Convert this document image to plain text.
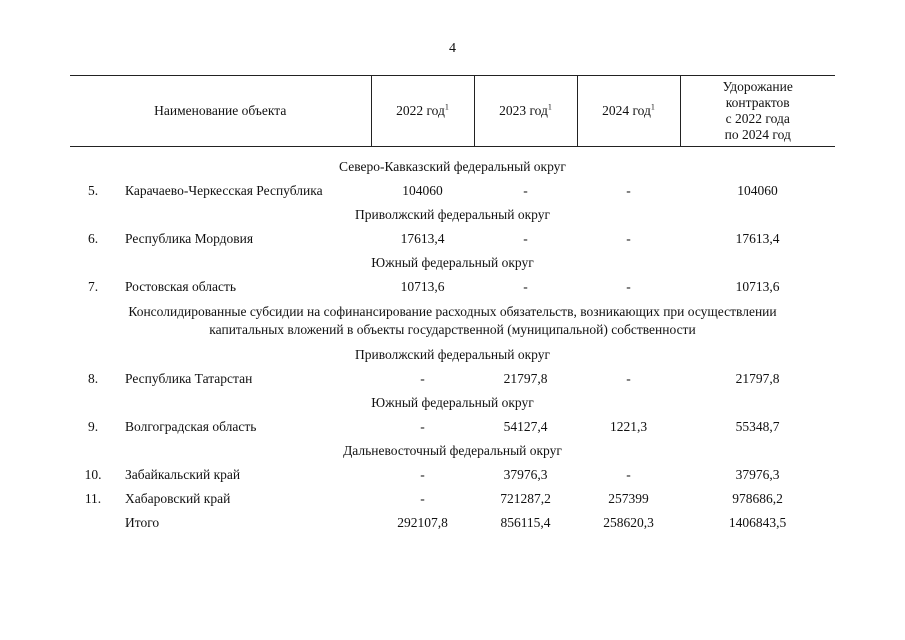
4
Наименование объекта		2022 год$^1$	2023 год$^1$	2024 год$^1$	Удорожание
контрактов
с 2022 года
по 2024 год

Северо-Кавказский федеральный округ					
5.	Карачаево-Черкесская Республика	104060	-	-	104060
Приволжский федеральный округ					
6.	Республика Мордовия	17613,4	-	-	17613,4
Южный федеральный округ					
7.	Ростовская область	10713,6	-	-	10713,6
Консолидированные субсидии на софинансирование расходных обязательств, возникающих при осуществлении
капитальных вложений в объекты государственной (муниципальной) собственности					
Приволжский федеральный округ					
8.	Республика Татарстан	-	21797,8	-	21797,8
Южный федеральный округ					
9.	Волгоградская область	-	54127,4	1221,3	55348,7
Дальневосточный федеральный округ					
10.	Забайкальский край	-	37976,3	-	37976,3
11.	Хабаровский край	-	721287,2	257399	978686,2
	Итого	292107,8	856115,4	258620,3	1406843,5
